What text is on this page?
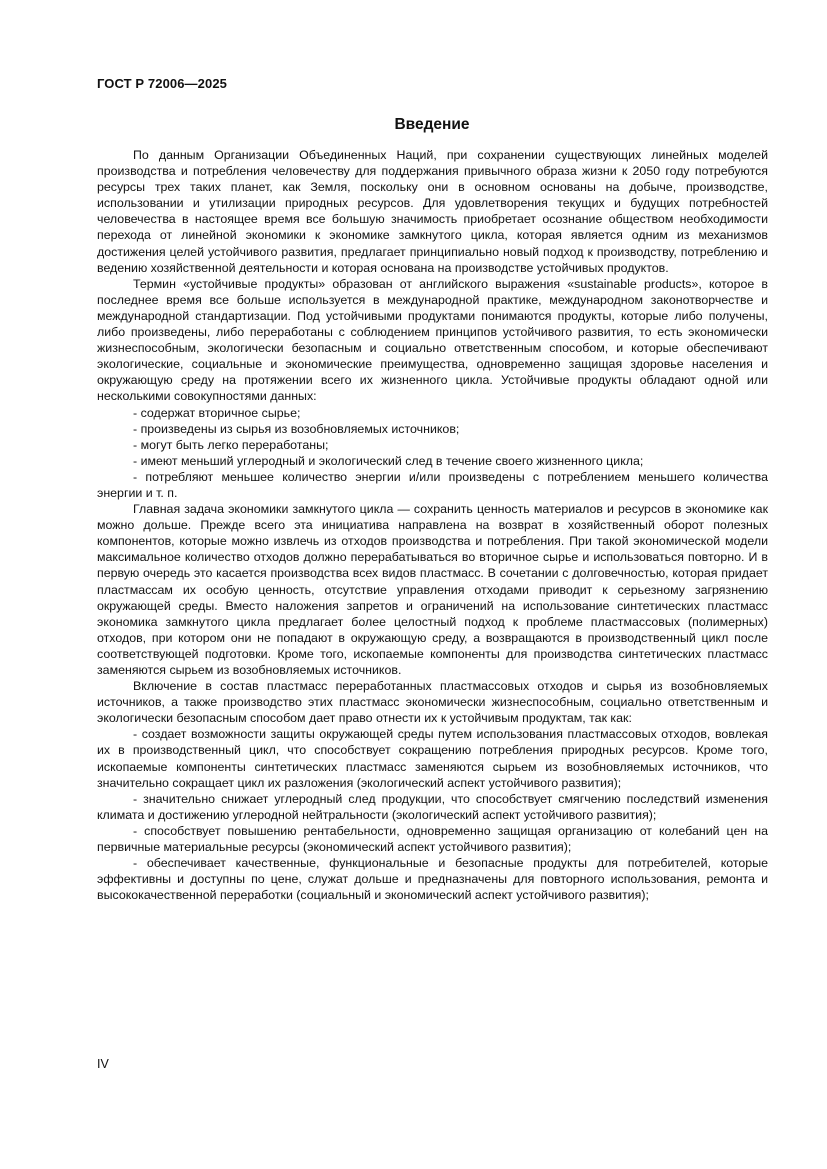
ГОСТ Р 72006—2025
Введение

По данным Организации Объединенных Наций, при сохранении существующих линейных моделей производства и потребления человечеству для поддержания привычного образа жизни к 2050 году потребуются ресурсы трех таких планет, как Земля, поскольку они в основном основаны на добыче, производстве, использовании и утилизации природных ресурсов. Для удовлетворения текущих и будущих потребностей человечества в настоящее время все большую значимость приобретает осознание обществом необходимости перехода от линейной экономики к экономике замкнутого цикла, которая является одним из механизмов достижения целей устойчивого развития, предлагает принципиально новый подход к производству, потреблению и ведению хозяйственной деятельности и которая основана на производстве устойчивых продуктов.

Термин «устойчивые продукты» образован от английского выражения «sustainable products», которое в последнее время все больше используется в международной практике, международном законотворчестве и международной стандартизации. Под устойчивыми продуктами понимаются продукты, которые либо получены, либо произведены, либо переработаны с соблюдением принципов устойчивого развития, то есть экономически жизнеспособным, экологически безопасным и социально ответственным способом, и которые обеспечивают экологические, социальные и экономические преимущества, одновременно защищая здоровье населения и окружающую среду на протяжении всего их жизненного цикла. Устойчивые продукты обладают одной или несколькими совокупностями данных:

- содержат вторичное сырье;

- произведены из сырья из возобновляемых источников;

- могут быть легко переработаны;

- имеют меньший углеродный и экологический след в течение своего жизненного цикла;

- потребляют меньшее количество энергии и/или произведены с потреблением меньшего количества энергии и т. п.

Главная задача экономики замкнутого цикла — сохранить ценность материалов и ресурсов в экономике как можно дольше. Прежде всего эта инициатива направлена на возврат в хозяйственный оборот полезных компонентов, которые можно извлечь из отходов производства и потребления. При такой экономической модели максимальное количество отходов должно перерабатываться во вторичное сырье и использоваться повторно. И в первую очередь это касается производства всех видов пластмасс. В сочетании с долговечностью, которая придает пластмассам их особую ценность, отсутствие управления отходами приводит к серьезному загрязнению окружающей среды. Вместо наложения запретов и ограничений на использование синтетических пластмасс экономика замкнутого цикла предлагает более целостный подход к проблеме пластмассовых (полимерных) отходов, при котором они не попадают в окружающую среду, а возвращаются в производственный цикл после соответствующей подготовки. Кроме того, ископаемые компоненты для производства синтетических пластмасс заменяются сырьем из возобновляемых источников.

Включение в состав пластмасс переработанных пластмассовых отходов и сырья из возобновляемых источников, а также производство этих пластмасс экономически жизнеспособным, социально ответственным и экологически безопасным способом дает право отнести их к устойчивым продуктам, так как:

- создает возможности защиты окружающей среды путем использования пластмассовых отходов, вовлекая их в производственный цикл, что способствует сокращению потребления природных ресурсов. Кроме того, ископаемые компоненты синтетических пластмасс заменяются сырьем из возобновляемых источников, что значительно сокращает цикл их разложения (экологический аспект устойчивого развития);

- значительно снижает углеродный след продукции, что способствует смягчению последствий изменения климата и достижению углеродной нейтральности (экологический аспект устойчивого развития);

- способствует повышению рентабельности, одновременно защищая организацию от колебаний цен на первичные материальные ресурсы (экономический аспект устойчивого развития);

- обеспечивает качественные, функциональные и безопасные продукты для потребителей, которые эффективны и доступны по цене, служат дольше и предназначены для повторного использования, ремонта и высококачественной переработки (социальный и экономический аспект устойчивого развития);

IV
